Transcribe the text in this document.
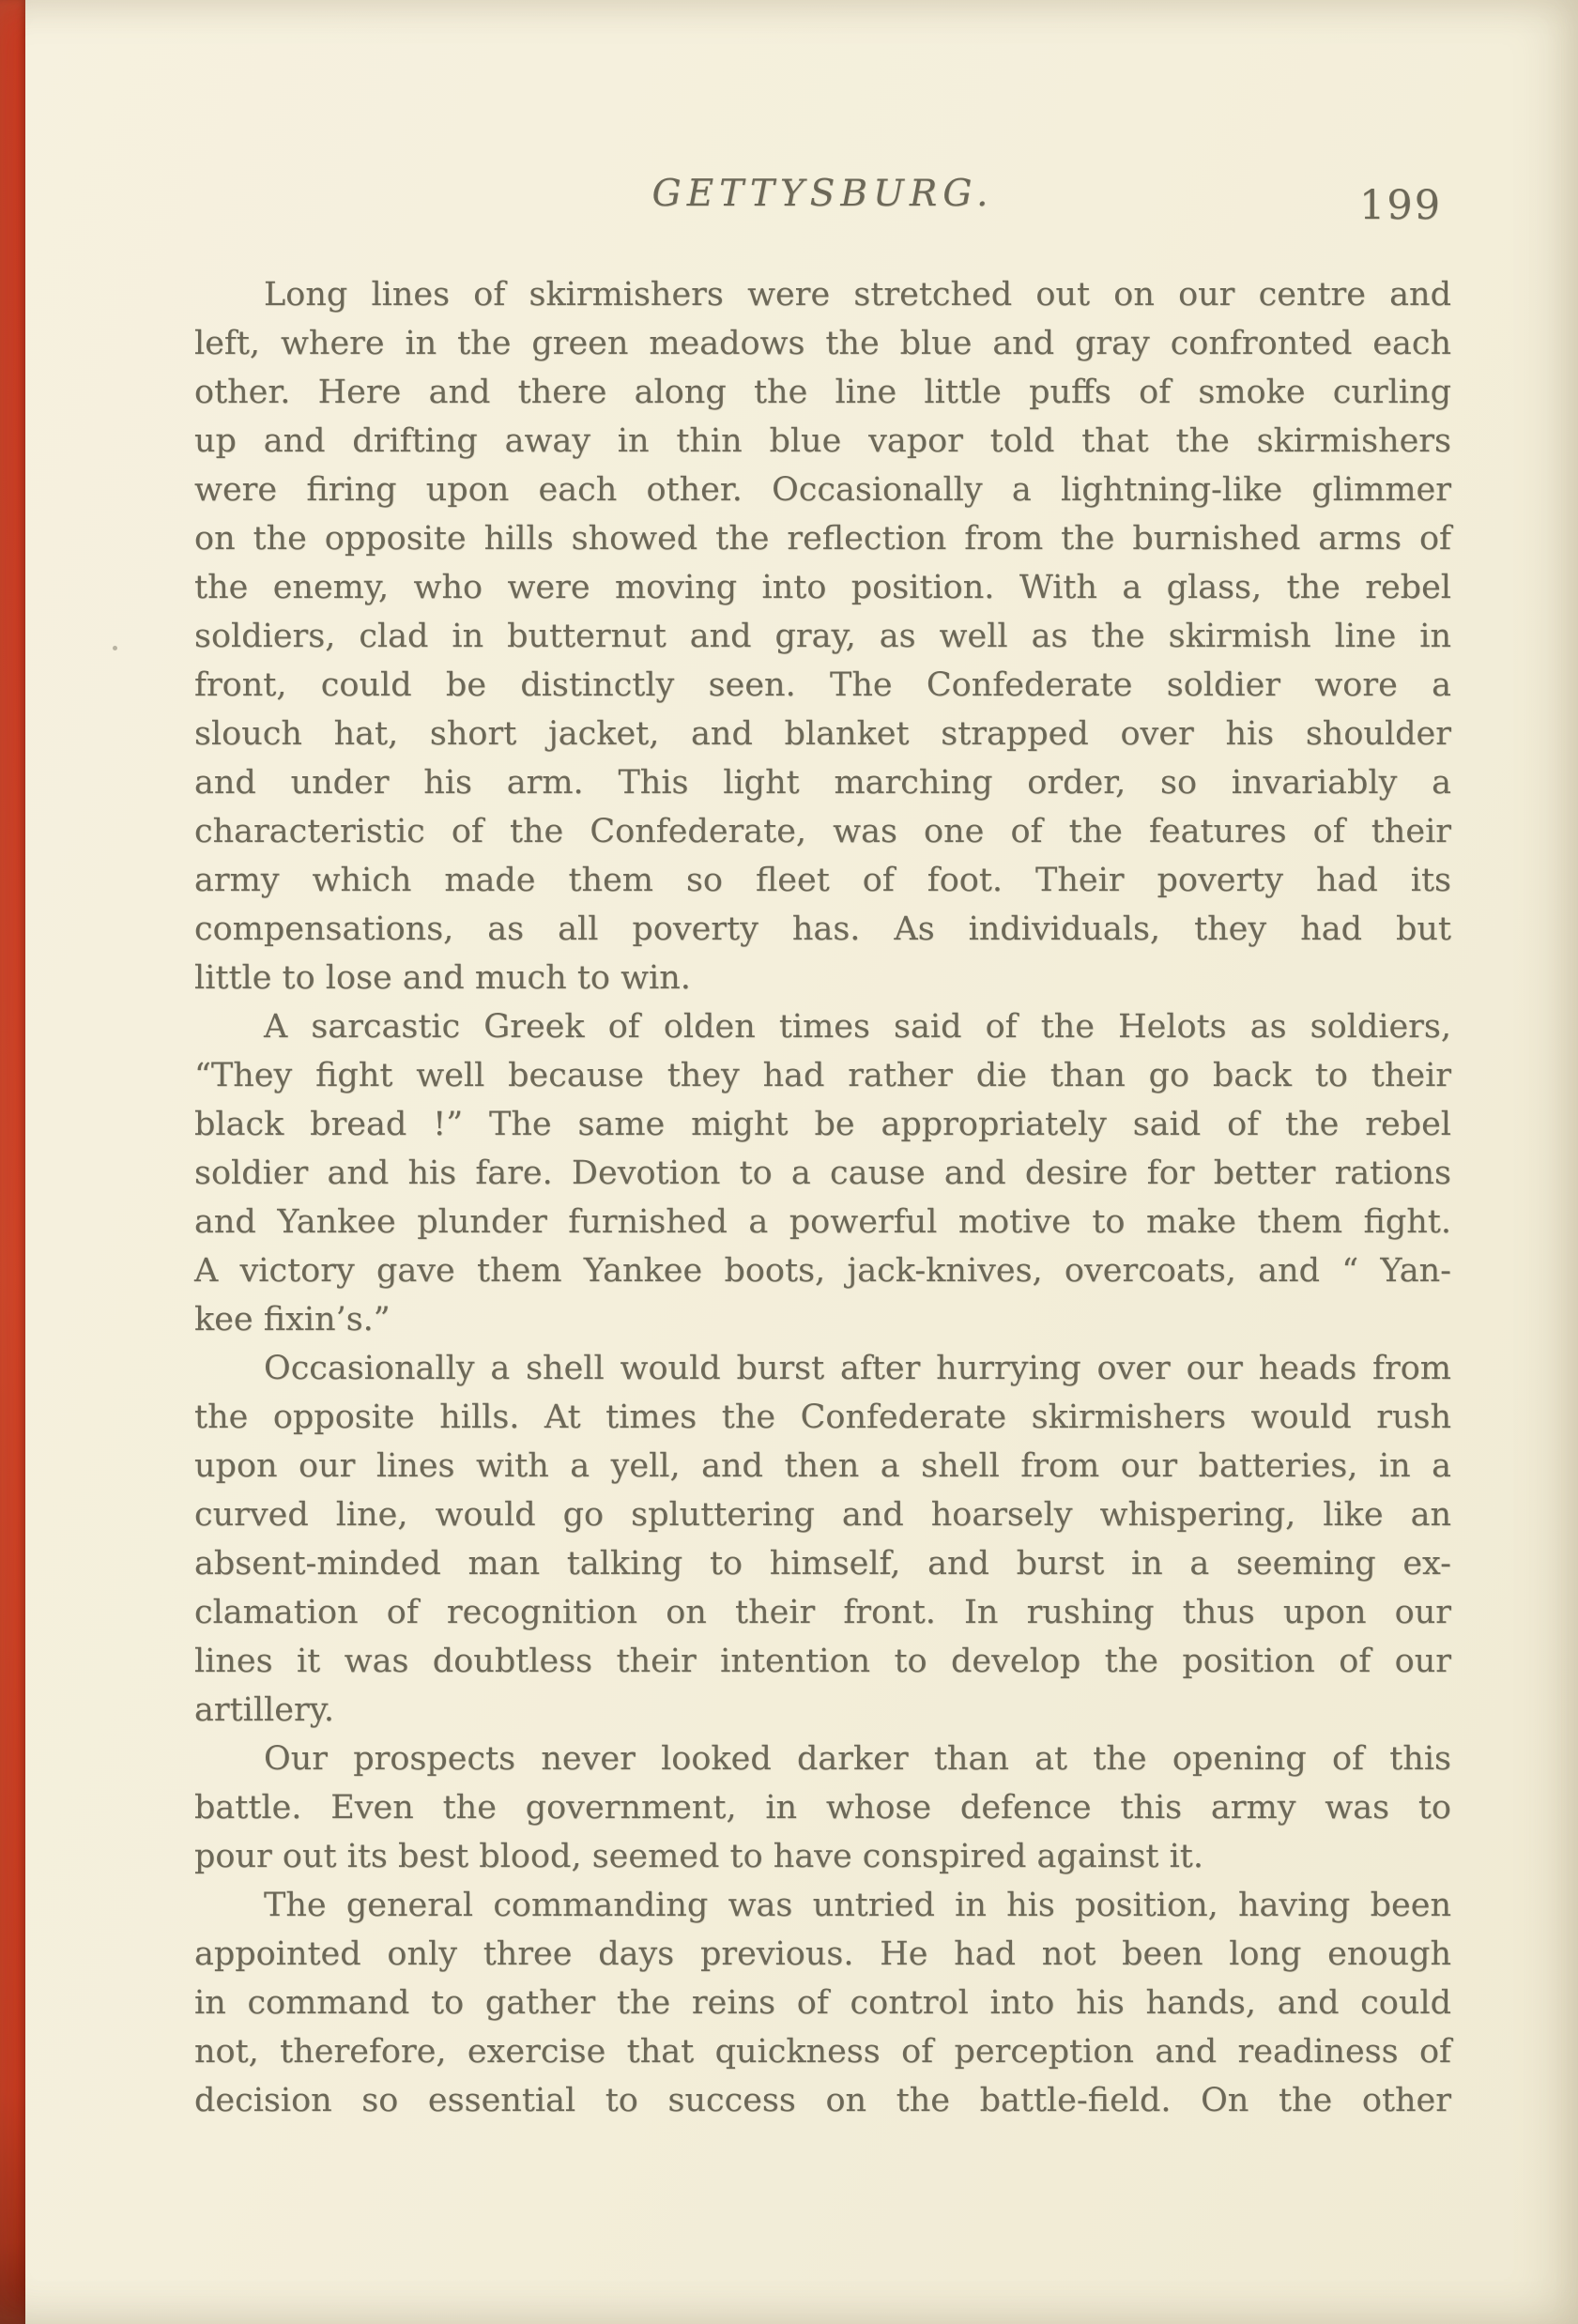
GETTYSBURG.	199
Long lines of skirmishers were stretched out on our centre and
left, where in the green meadows the blue and gray confronted each
other. Here and there along the line little puffs of smoke curling
up and drifting away in thin blue vapor told that the skirmishers
were firing upon each other. Occasionally a lightning-like glimmer
on the opposite hills showed the reflection from the burnished arms of
the enemy, who were moving into position. With a glass, the rebel
soldiers, clad in butternut and gray, as well as the skirmish line in
front, could be distinctly seen. The Confederate soldier wore a
slouch hat, short jacket, and blanket strapped over his shoulder
and under his arm. This light marching order, so invariably a
characteristic of the Confederate, was one of the features of their
army which made them so fleet of foot. Their poverty had its
compensations, as all poverty has. As individuals, they had but
little to lose and much to win.
A sarcastic Greek of olden times said of the Helots as soldiers,
“They fight well because they had rather die than go back to their
black bread !” The same might be appropriately said of the rebel
soldier and his fare. Devotion to a cause and desire for better rations
and Yankee plunder furnished a powerful motive to make them fight.
A victory gave them Yankee boots, jack-knives, overcoats, and “ Yan-
kee fixin’s.”
Occasionally a shell would burst after hurrying over our heads from
the opposite hills. At times the Confederate skirmishers would rush
upon our lines with a yell, and then a shell from our batteries, in a
curved line, would go spluttering and hoarsely whispering, like an
absent-minded man talking to himself, and burst in a seeming ex-
clamation of recognition on their front. In rushing thus upon our
lines it was doubtless their intention to develop the position of our
artillery.
Our prospects never looked darker than at the opening of this
battle. Even the government, in whose defence this army was to
pour out its best blood, seemed to have conspired against it.
The general commanding was untried in his position, having been
appointed only three days previous. He had not been long enough
in command to gather the reins of control into his hands, and could
not, therefore, exercise that quickness of perception and readiness of
decision so essential to success on the battle-field. On the other
